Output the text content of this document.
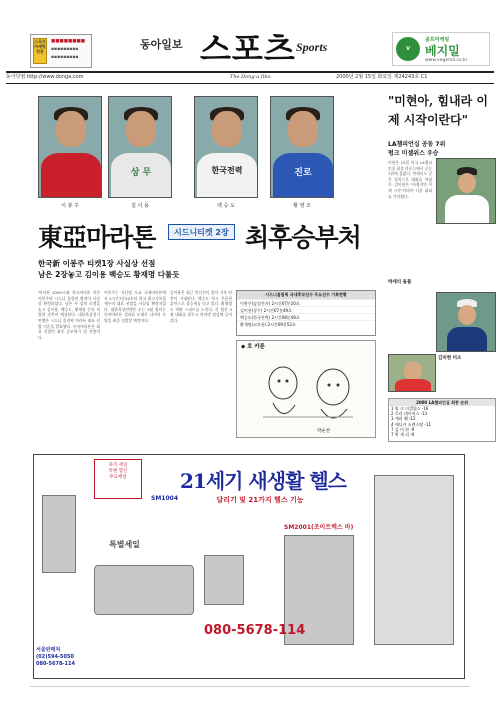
스포츠
마케팅
전문
■■■■■■■■
▪▪▪▪▪▪▪▪▪
▪▪▪▪▪▪▪▪▪
동아일보 스포츠 Sports	V
골프마케팅
베지밀
www.vegemil.co.kr
동아닷컴 http://www.donga.com	The Dong-a Ilbo	2000년 2월 15일 화요일 제24243호 C1
상 무	한국전력	진로
이 봉 주	김 이 용	백 승 도	황 영 조
東亞마라톤	시드니티켓 2장 최후승부처
한국新 이봉주 티켓1장 사실상 선점
남은 2장놓고 김이용 백승도 황재명 다툴듯
'마라톤 2000시대' 한국마라톤 지존 이봉주의 시드니 올림픽 출전이 사실상 확정되었다. 남은 두 장의 티켓을 놓고 김이용, 백승도, 황재명 등의 치열한 각축이 예상된다. 대한육상경기연맹은 시드니 올림픽 마라톤 대표 선발 기준을 발표했다. 동아마라톤은 대표 선발의 최후 승부처가 될 전망이다.
이봉주는 지난달 도쿄 국제마라톤에서 2시간7분20초의 한국 최고기록을 세우며 대표 선발을 사실상 확정지었다. 대한육상연맹은 오는 3월 열리는 동아마라톤 결과를 토대로 나머지 두 명을 최종 선발할 예정이다.
김이용은 최근 컨디션이 좋아 기록 단축이 기대된다. 백승도 역시 꾸준한 훈련으로 상승세를 타고 있다. 황재명도 막판 스퍼트를 노린다. 각 팀은 3월 대회를 앞두고 마지막 점검에 들어갔다.
시드니올림픽 국내후보선수 주요선수 기록현황
이봉주(삼성전자) 2시간07분20초
김이용(상무) 2시간07분49초
백승도(한국전력) 2시간08분49초
황재명(코오롱) 2시간09분52초
◆ 호 카툰
박순찬
"미현아, 힘내라 이제 시작이란다"
LA챔피언십 공동 7위
펑크 미셀위스 우승
미현은 15일 미국 LA챔피언십 최종 라운드에서 공동 7위에 올랐다. 박세리도 같은 성적으로 대회를 마쳤다. 김미현은 "아쉽지만 이제 시작"이라며 다음 대회를 기약했다.
박세리 돌풀
김미현 미소
2000 LA챔피언십 최종 순위
1 펑 크 미셀위스 -16
2 로라 데이비스 -13
3 캐리 웹 -12
4 애니카 소렌스탐 -11
7 김 미 현 -9
7 박 세 리 -9
파격 세일
특별 할인
무료배달	21세기 새생활 헬스
SM1004	달리기 및 21가지 헬스 기능
SM2001(조이트렉스 바)
특별세일
080-5678-114
서울판매처
(02)594-5050
080-5678-114
